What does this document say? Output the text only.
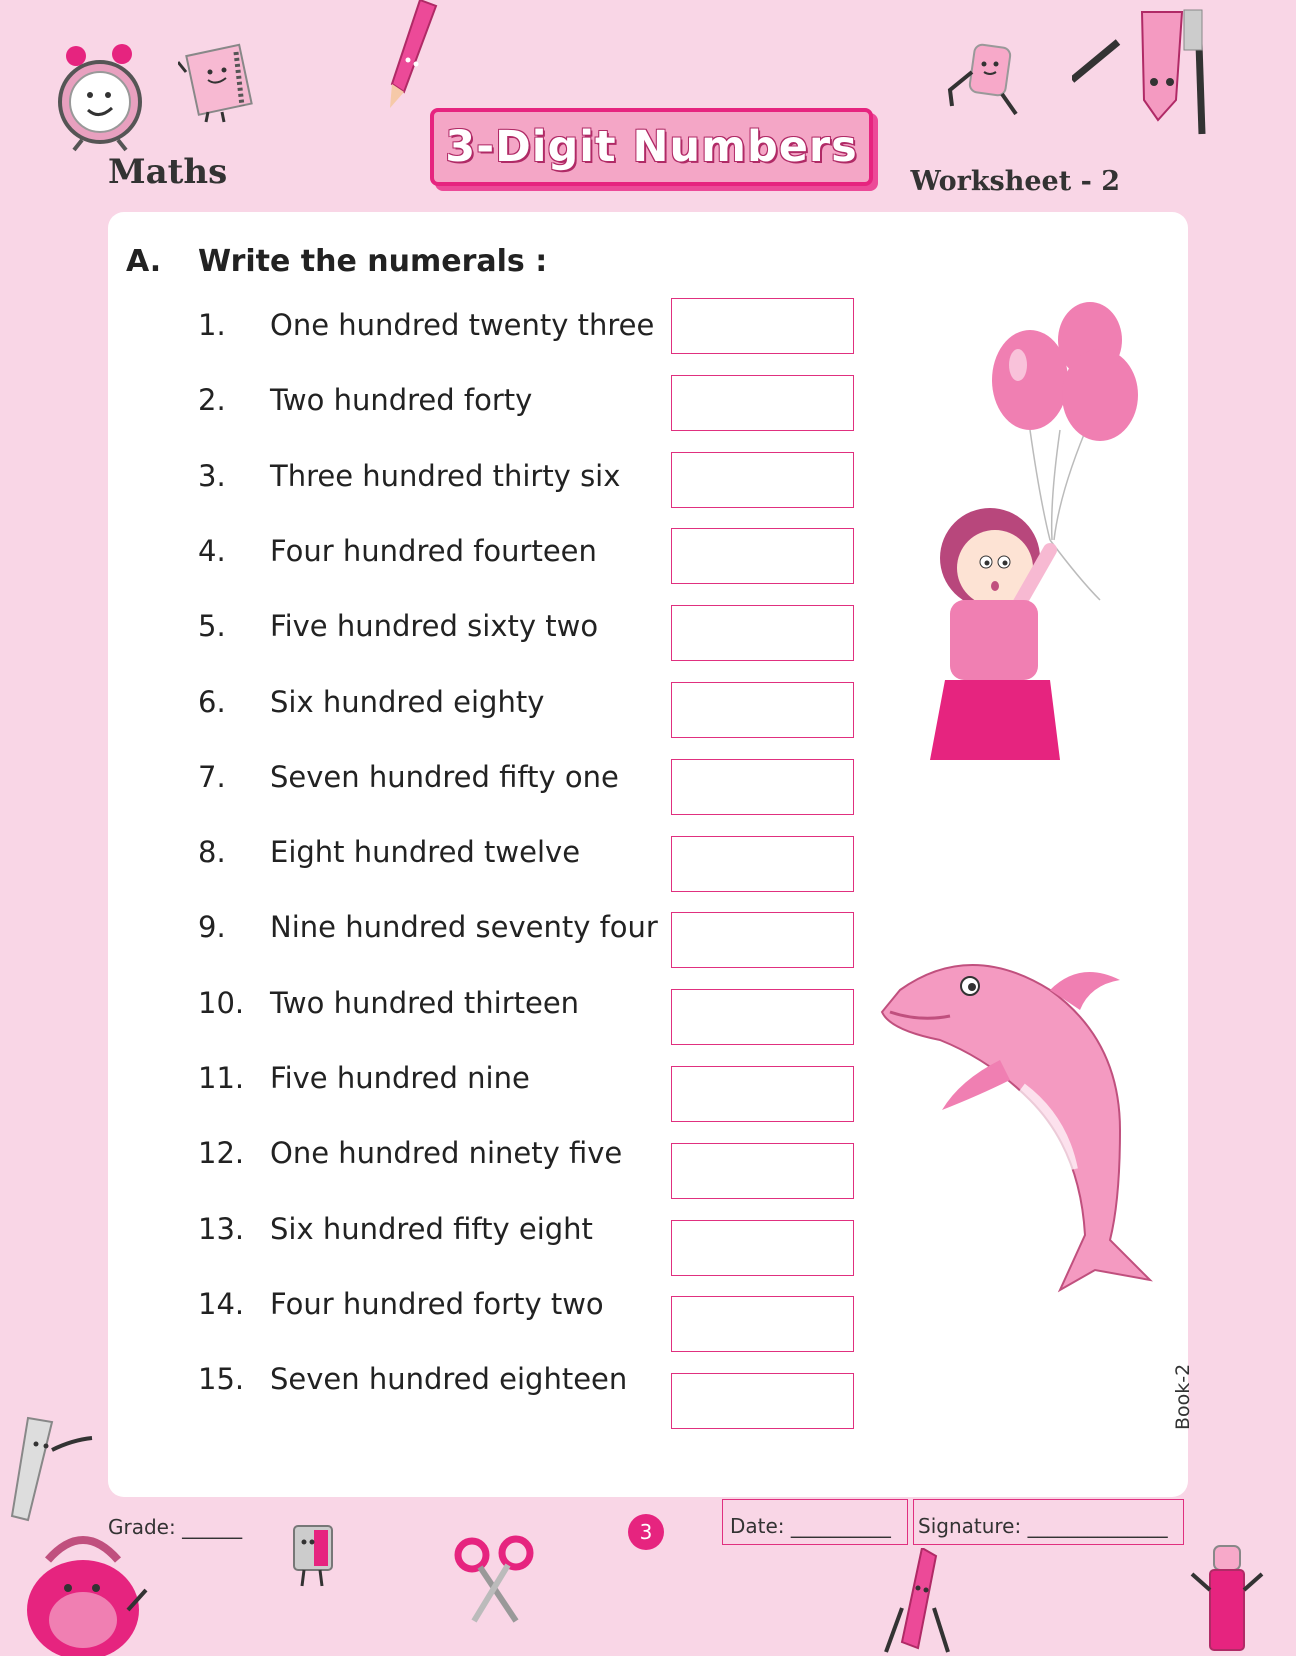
Maths	3-Digit Numbers
Worksheet - 2
A. Write the numerals :
1. One hundred twenty three
2. Two hundred forty
3. Three hundred thirty six
4. Four hundred fourteen
5. Five hundred sixty two
6. Six hundred eighty
7. Seven hundred fifty one
8. Eight hundred twelve
9. Nine hundred seventy four
10. Two hundred thirteen
11. Five hundred nine
12. One hundred ninety five
13. Six hundred fifty eight
14. Four hundred forty two
15. Seven hundred eighteen
Grade: ______	3	Date: __________	Signature: ______________
Book-2
